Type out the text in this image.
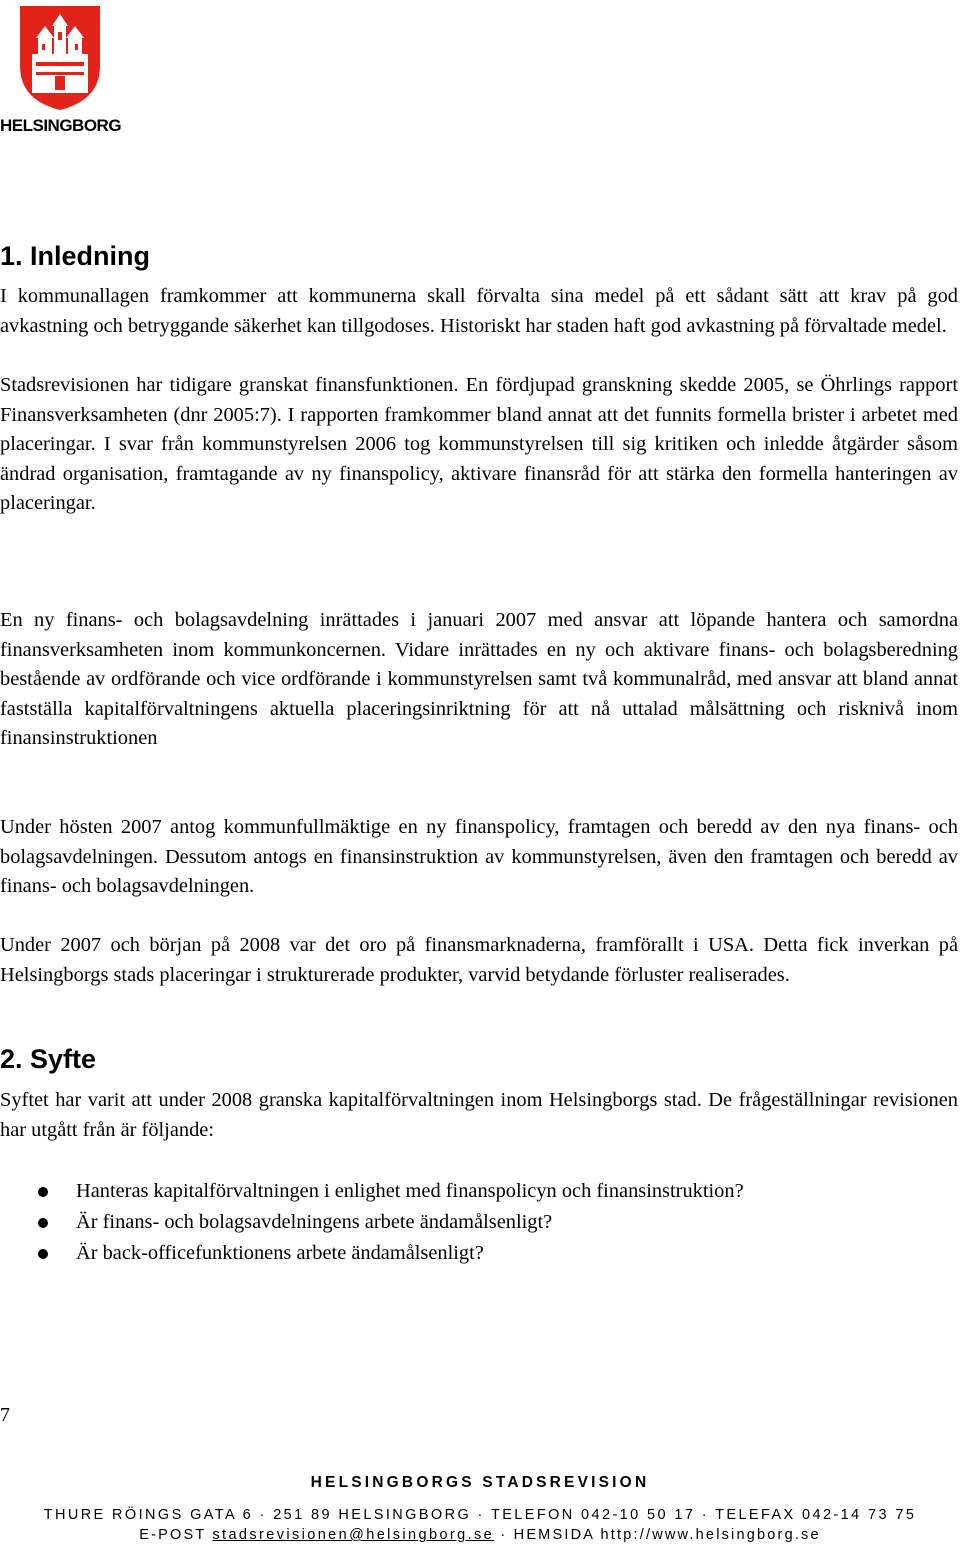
HELSINGBORG
1. Inledning

I kommunallagen framkommer att kommunerna skall förvalta sina medel på ett sådant sätt att krav på god avkastning och betryggande säkerhet kan tillgodoses. Historiskt har staden haft god avkastning på förvaltade medel.

Stadsrevisionen har tidigare granskat finansfunktionen. En fördjupad granskning skedde 2005, se Öhrlings rapport Finansverksamheten (dnr 2005:7). I rapporten framkommer bland annat att det funnits formella brister i arbetet med placeringar. I svar från kommunstyrelsen 2006 tog kommunstyrelsen till sig kritiken och inledde åtgärder såsom ändrad organisation, framtagande av ny finanspolicy, aktivare finansråd för att stärka den formella hanteringen av placeringar.

En ny finans- och bolagsavdelning inrättades i januari 2007 med ansvar att löpande hantera och samordna finansverksamheten inom kommunkoncernen. Vidare inrättades en ny och aktivare finans- och bolagsberedning bestående av ordförande och vice ordförande i kommunstyrelsen samt två kommunalråd, med ansvar att bland annat fastställa kapitalförvaltningens aktuella placeringsinriktning för att nå uttalad målsättning och risknivå inom finansinstruktionen

Under hösten 2007 antog kommunfullmäktige en ny finanspolicy, framtagen och beredd av den nya finans- och bolagsavdelningen. Dessutom antogs en finansinstruktion av kommunstyrelsen, även den framtagen och beredd av finans- och bolagsavdelningen.

Under 2007 och början på 2008 var det oro på finansmarknaderna, framförallt i USA. Detta fick inverkan på Helsingborgs stads placeringar i strukturerade produkter, varvid betydande förluster realiserades.

2. Syfte

Syftet har varit att under 2008 granska kapitalförvaltningen inom Helsingborgs stad. De frågeställningar revisionen har utgått från är följande:

Hanteras kapitalförvaltningen i enlighet med finanspolicyn och finansinstruktion?
Är finans- och bolagsavdelningens arbete ändamålsenligt?
Är back-officefunktionens arbete ändamålsenligt?
7
HELSINGBORGS STADSREVISION
THURE RÖINGS GATA 6 · 251 89 HELSINGBORG · TELEFON 042-10 50 17 · TELEFAX 042-14 73 75
E-POST stadsrevisionen@helsingborg.se · HEMSIDA http://www.helsingborg.se
